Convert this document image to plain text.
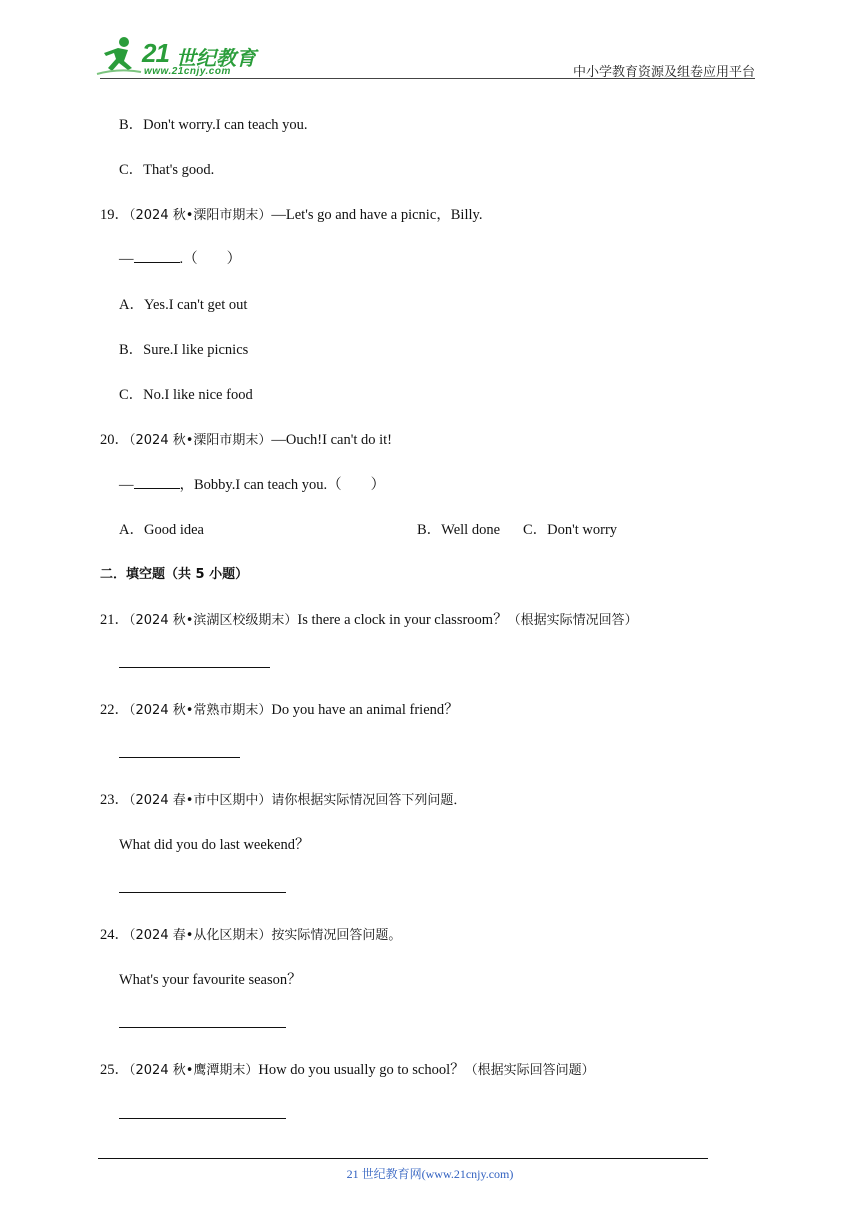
21 世纪教育
www.21cnjy.com	中小学教育资源及组卷应用平台
B．Don't worry.I can teach you.
C．That's good.
19．（2024 秋•溧阳市期末）—Let's go and have a picnic，Billy.
—	.（　　）
A．Yes.I can't get out
B．Sure.I like picnics
C．No.I like nice food
20．（2024 秋•溧阳市期末）—Ouch!I can't do it!
—	，Bobby.I can teach you.（　　）
A．Good idea	B．Well done C．Don't worry
二．填空题（共 5 小题）
21．（2024 秋•滨湖区校级期末）Is there a clock in your classroom？（根据实际情况回答）
22．（2024 秋•常熟市期末）Do you have an animal friend？
23．（2024 春•市中区期中）请你根据实际情况回答下列问题．
What did you do last weekend？
24．（2024 春•从化区期末）按实际情况回答问题。
What's your favourite season？
25．（2024 秋•鹰潭期末）How do you usually go to school？（根据实际回答问题）
21 世纪教育网(www.21cnjy.com)
